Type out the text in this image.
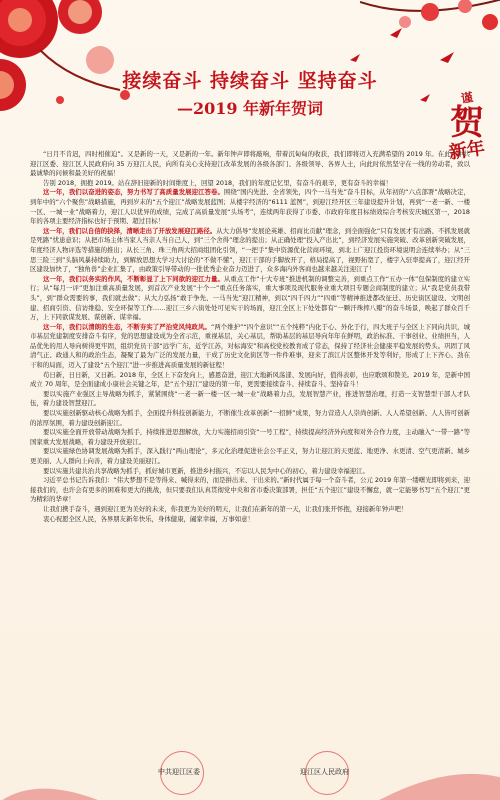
接续奋斗 持续奋斗 坚持奋斗
—2019 年新年贺词
谨
贺
新年

“日月不肯迟，四时相催迫”。又是新的一天，又是新的一年。新年钟声即将敲响，带着沉甸甸的收获，我们即将迈入充满希望的 2019 年。在此，中共迎江区委、迎江区人民政府向 35 万迎江人民，向所有关心支持迎江改革发展的各级各部门、各级领导、各界人士，向此时依然坚守在一线的劳动者，致以最诚挚的问候和最美好的祝福！

告别 2018，拥抱 2019。站在辞旧迎新的时间维度上，回望 2018，我们的年度记忆里，有奋斗的艰辛，更有奋斗的幸福！

这一年，我们以奋进的姿态，努力书写了高质量发展迎江答卷。围绕“国内先进、全省领先，四个一马当先”奋斗目标，从年初的“六点部署”战略决定，到年中的“六个聚焦”战略措施，再到岁末的“五个迎江”战略发展蓝图；从楼宇经济的“6111 蓝图”，到迎江经开区三年建设提升计划，再到“一老一新、一楼一区、一城一业”战略着力，迎江人以优异的成绩，完成了高质量发展“头场考”，连续两年获得了市委、市政府年度目标绩效综合考核安庆城区第一，2018 年的各项主要经济指标也好于预期、超过目标！

这一年，我们以自信的抉择，清晰走出了开放发展迎江路径。从大力倡导“发展论英雄、招商比贡献”理念，到全面强化“只有发展才有出路、不抓发展就是死路”忧患意识；从把市场主体当家人当亲人当自己人，到“三个舍得”理念的提出；从正确处理“投入产出比”，到经济发展实施突破、改革创新突破发展，年度经济人物评选等措施的推出；从长三角、珠三角两大招商组团化引领，“一把手”集中资源优化营商环境，到北上广迎江投资环境说明会连续举办；从“三思三险三到”头脑风暴持续助力，到解放思想大学习大讨论的“不做不懂”，迎江干部的手脚放开了，格局提高了，视野拓宽了，楼宇入驻率提高了，迎江经开区建设加快了，“独角兽”企业汇集了，由政策引导带动的一批优秀企业奋力迈进了，众多海内外客商也越来越关注迎江了！

这一年，我们以务实的作风，不断彰显了上下同欲的迎江力量。从重点工作“十大专班”推进机制的调整完善，到重点工作“五办一体”包保制度的建立实行；从“每月一评”更加注重高质量发展，到首次产业发展“十个一”重点任务落实，重大事项及现代服务业重大项目专题会商制度的建立；从“我是党员我带头”，到“群众需要的事，我们就去做”；从大力弘扬“敢于争先、一马当先”迎江精神，到以“四千四力”“四重”等精神推进都改征迁、历史街区建设、文明创建、招商引资、信访维稳、安全环保等工作……迎江三乡六街处处可见实干的场面，迎江全区上下处处都有“一颗汗珠摔八瓣”的奋斗场景，唤起了群众百千万，上下同欲谋发展、谋创新、谋幸福。

这一年，我们以清朗的生态，不断夯实了严治党风纯政风。“两个维护”“四个意识”“五个纯粹”内化于心、外化于行，四大班子与全区上下同向共识，城市基层党建制度安排奋斗有序，党的思想建设成为全省示范，重视基层，关心基层，帮助基层的基层导向年年在鲜明，政治标准、干事创业、业绩担当，人品优先的用人导向树得更牢固，组织党员干部“远学广东，近学江苏，对标海安”和高校党校教育成了常态，保持了经济社会健康平稳发展的势头。巩固了风清气正、政通人和的政治生态，凝聚了最为广泛的发展力量，干成了历史文化街区等一件件难事，迎来了滨江片区整体开发等利好，形成了上下齐心、劲在干和的局面，迈入了建设“五个迎江”进一步推进高质量发展的新征程！

苟日新，日日新，又日新。2018 年，全区上下奋发向上，感恩奋进，迎江大地新风荡漾、发展向好，值得表彰，也应歌颂和赞美。2019 年，是新中国成立 70 周年，是全面建成小康社会关键之年，是“五个迎江”建设的第一年，更需要接续奋斗、持续奋斗、坚持奋斗！

要以实施产业强区主导战略为抓手，紧紧围绕“一老一新一楼一区一城一业”战略着力点，发展智慧产业，推进智慧治理，打造一支智慧型干部人才队伍，着力建设智慧迎江。

要以实施创新驱动核心战略为抓手，全面提升科技创新能力，不断催生改革创新“一招鲜”成果，努力营造人人崇尚创新、人人希望创新、人人皆可创新的浓厚氛围，着力建设创新迎江。

要以实施全面开放带动战略为抓手，持续推进思想解放，大力实施招商引资“一号工程”，持续提高经济外向度和对外合作力度，主动融入“一带一路”等国家重大发展战略，着力建设开放迎江。

要以实施绿色协调发展战略为抓手，深入践行“两山理论”，多元化治理促进社会公平正义，努力让迎江的天更蓝、地更净、水更清、空气更清新、城乡更美丽、人人群向上向善，着力建设美丽迎江。

要以实施共建共治共享战略为抓手，抓好城市更新，推进乡村振兴，不忘以人民为中心的初心，着力建设幸福迎江。

习近平总书记告诉我们：“伟大梦想不是等得来、喊得来的，而是拼出来、干出来的。”新时代属于每一个奋斗者，公元 2019 年第一缕曙光即将到来，迎接我们的，也许会有更多的困难和更大的挑战，但只要我们认真贯彻党中央和省市委决策部署，担任“五个迎江”建设不懈怠，就一定能够书写“五个迎江”更为精彩的华章！

让我们携手奋斗，遇到迎江更为美好的未来，你我更为美好的明天，让我们在新年的第一天，让我们张开怀抱，迎接新年钟声吧！

衷心祝愿全区人民，各界朋友新年快乐，身体健康，阖家幸福，万事如意！

中共迎江区委	迎江区人民政府
